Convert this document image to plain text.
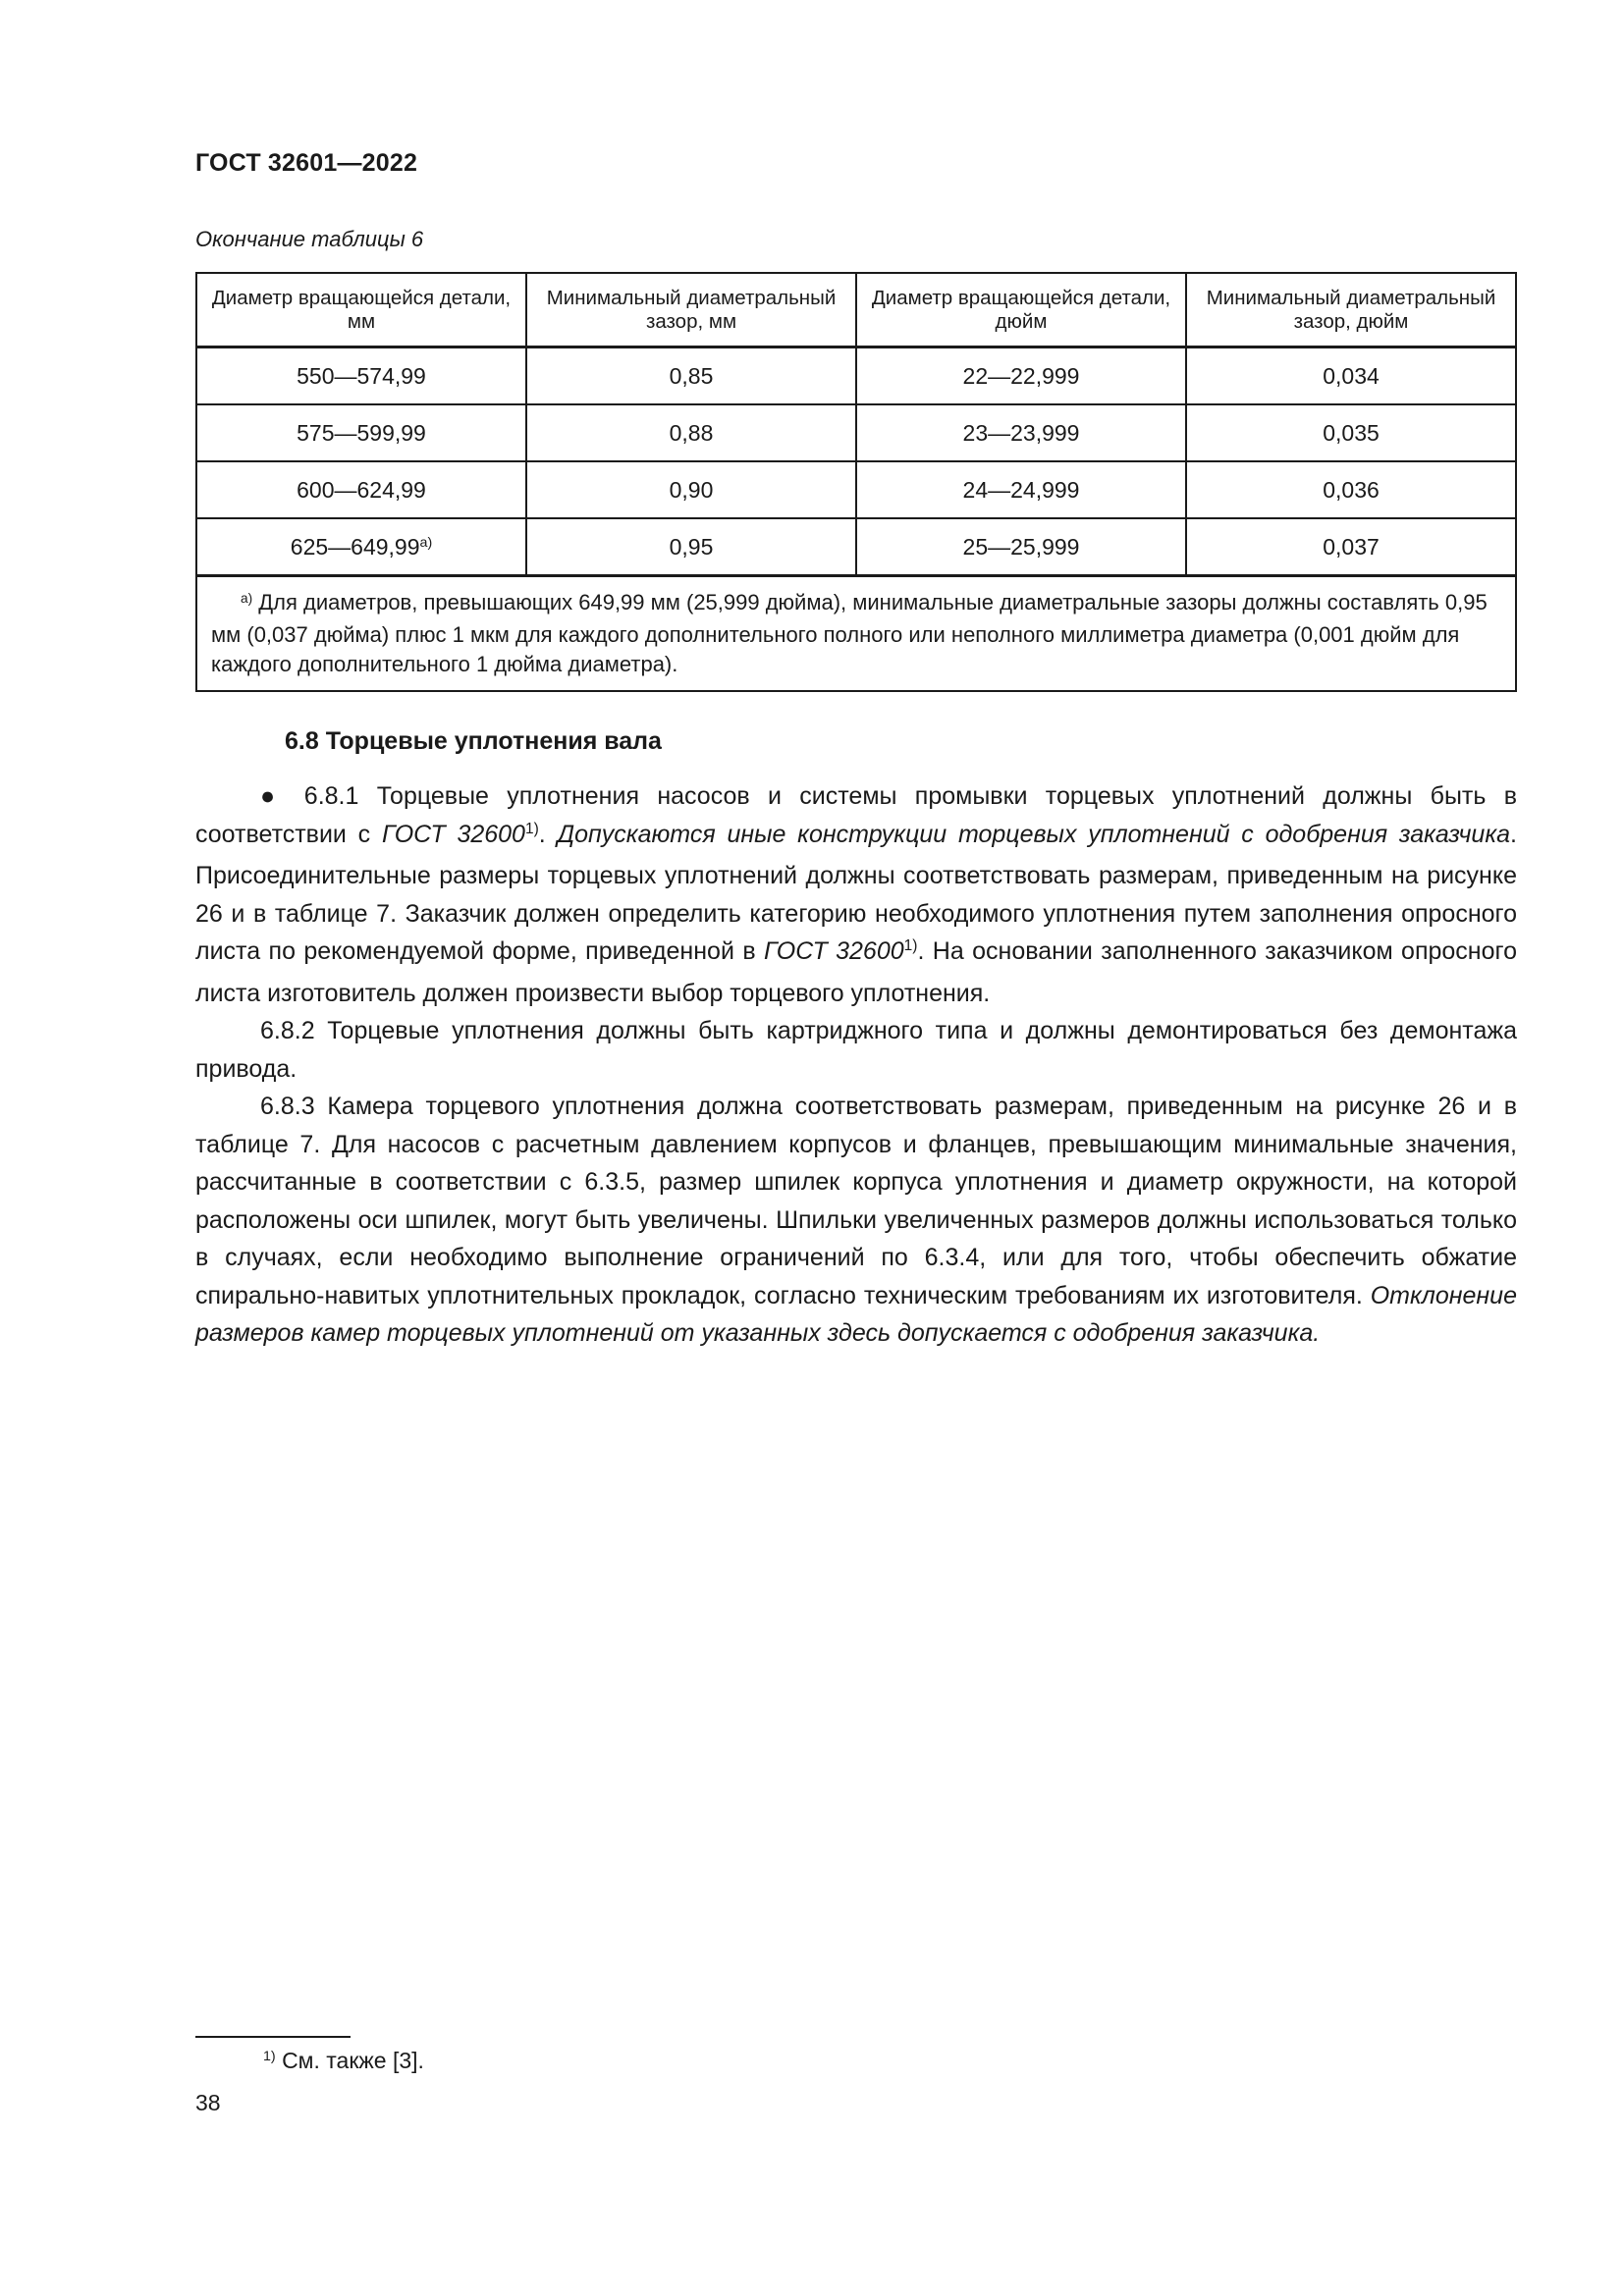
ГОСТ 32601—2022
Окончание таблицы 6
Диаметр вращающейся детали, мм	Минимальный диаметральный зазор, мм	Диаметр вращающейся детали, дюйм	Минимальный диаметральный зазор, дюйм
550—574,99	0,85	22—22,999	0,034
575—599,99	0,88	23—23,999	0,035
600—624,99	0,90	24—24,999	0,036
625—649,99$^{a)}$	0,95	25—25,999	0,037
$^{a)}$ Для диаметров, превышающих 649,99 мм (25,999 дюйма), минимальные диаметральные зазоры должны составлять 0,95 мм (0,037 дюйма) плюс 1 мкм для каждого дополнительного полного или неполного миллиметра диаметра (0,001 дюйм для каждого дополнительного 1 дюйма диаметра).			
6.8 Торцевые уплотнения вала

● 6.8.1 Торцевые уплотнения насосов и системы промывки торцевых уплотнений должны быть в соответствии с ГОСТ 32600$^{1)}$. Допускаются иные конструкции торцевых уплотнений с одобрения заказчика. Присоединительные размеры торцевых уплотнений должны соответствовать размерам, приведенным на рисунке 26 и в таблице 7. Заказчик должен определить категорию необходимого уплотнения путем заполнения опросного листа по рекомендуемой форме, приведенной в ГОСТ 32600$^{1)}$. На основании заполненного заказчиком опросного листа изготовитель должен произвести выбор торцевого уплотнения.

6.8.2 Торцевые уплотнения должны быть картриджного типа и должны демонтироваться без демонтажа привода.

6.8.3 Камера торцевого уплотнения должна соответствовать размерам, приведенным на рисунке 26 и в таблице 7. Для насосов с расчетным давлением корпусов и фланцев, превышающим минимальные значения, рассчитанные в соответствии с 6.3.5, размер шпилек корпуса уплотнения и диаметр окружности, на которой расположены оси шпилек, могут быть увеличены. Шпильки увеличенных размеров должны использоваться только в случаях, если необходимо выполнение ограничений по 6.3.4, или для того, чтобы обеспечить обжатие спирально-навитых уплотнительных прокладок, согласно техническим требованиям их изготовителя. Отклонение размеров камер торцевых уплотнений от указанных здесь допускается с одобрения заказчика.

$^{1)}$ См. также [3].
38
